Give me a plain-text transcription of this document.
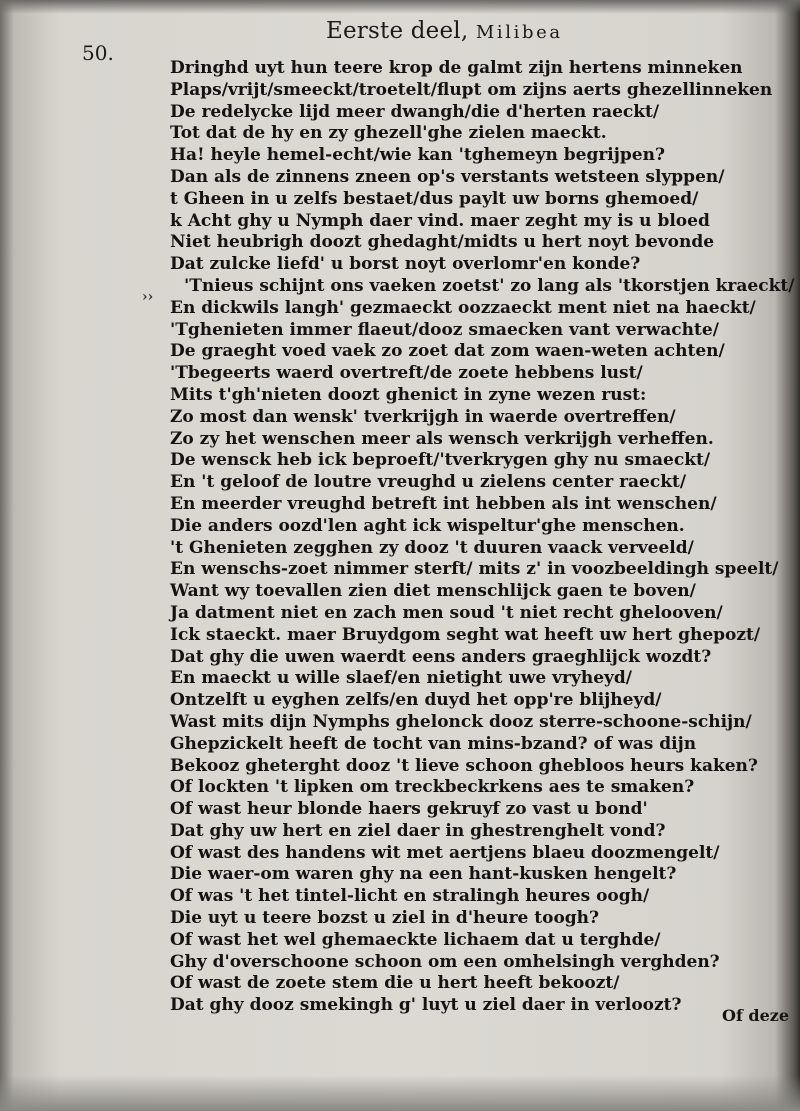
50.
Eerste deel, Milibea
››
Dringhd uyt hun teere krop de galmt zijn hertens minneken
Plaps/vrijt/smeeckt/troetelt/flupt om zijns aerts ghezellinneken
De redelycke lijd meer dwangh/die d'herten raeckt/
Tot dat de hy en zy ghezell'ghe zielen maeckt.
Ha! heyle hemel-echt/wie kan 'tghemeyn begrijpen?
Dan als de zinnens zneen op's verstants wetsteen slyppen/
t Gheen in u zelfs bestaet/dus paylt uw borns ghemoed/
k Acht ghy u Nymph daer vind. maer zeght my is u bloed
Niet heubrigh doozt ghedaght/midts u hert noyt bevonde
Dat zulcke liefd' u borst noyt overlomr'en konde?
'Tnieus schijnt ons vaeken zoetst' zo lang als 'tkorstjen kraeckt/
En dickwils langh' gezmaeckt oozzaeckt ment niet na haeckt/
'Tghenieten immer flaeut/dooz smaecken vant verwachte/
De graeght voed vaek zo zoet dat zom waen-weten achten/
'Tbegeerts waerd overtreft/de zoete hebbens lust/
Mits t'gh'nieten doozt ghenict in zyne wezen rust:
Zo most dan wensk' tverkrijgh in waerde overtreffen/
Zo zy het wenschen meer als wensch verkrijgh verheffen.
De wensck heb ick beproeft/'tverkrygen ghy nu smaeckt/
En 't geloof de loutre vreughd u zielens center raeckt/
En meerder vreughd betreft int hebben als int wenschen/
Die anders oozd'len aght ick wispeltur'ghe menschen.
't Ghenieten zegghen zy dooz 't duuren vaack verveeld/
En wenschs-zoet nimmer sterft/ mits z' in voozbeeldingh speelt/
Want wy toevallen zien diet menschlijck gaen te boven/
Ja datment niet en zach men soud 't niet recht ghelooven/
Ick staeckt. maer Bruydgom seght wat heeft uw hert ghepozt/
Dat ghy die uwen waerdt eens anders graeghlijck wozdt?
En maeckt u wille slaef/en nietight uwe vryheyd/
Ontzelft u eyghen zelfs/en duyd het opp're blijheyd/
Wast mits dijn Nymphs ghelonck dooz sterre-schoone-schijn/
Ghepzickelt heeft de tocht van mins-bzand? of was dijn
Bekooz gheterght dooz 't lieve schoon ghebloos heurs kaken?
Of lockten 't lipken om treckbeckrkens aes te smaken?
Of wast heur blonde haers gekruyf zo vast u bond'
Dat ghy uw hert en ziel daer in ghestrenghelt vond?
Of wast des handens wit met aertjens blaeu doozmengelt/
Die waer-om waren ghy na een hant-kusken hengelt?
Of was 't het tintel-licht en stralingh heures oogh/
Die uyt u teere bozst u ziel in d'heure toogh?
Of wast het wel ghemaeckte lichaem dat u terghde/
Ghy d'overschoone schoon om een omhelsingh verghden?
Of wast de zoete stem die u hert heeft bekoozt/
Dat ghy dooz smekingh g' luyt u ziel daer in verloozt?
Of deze
